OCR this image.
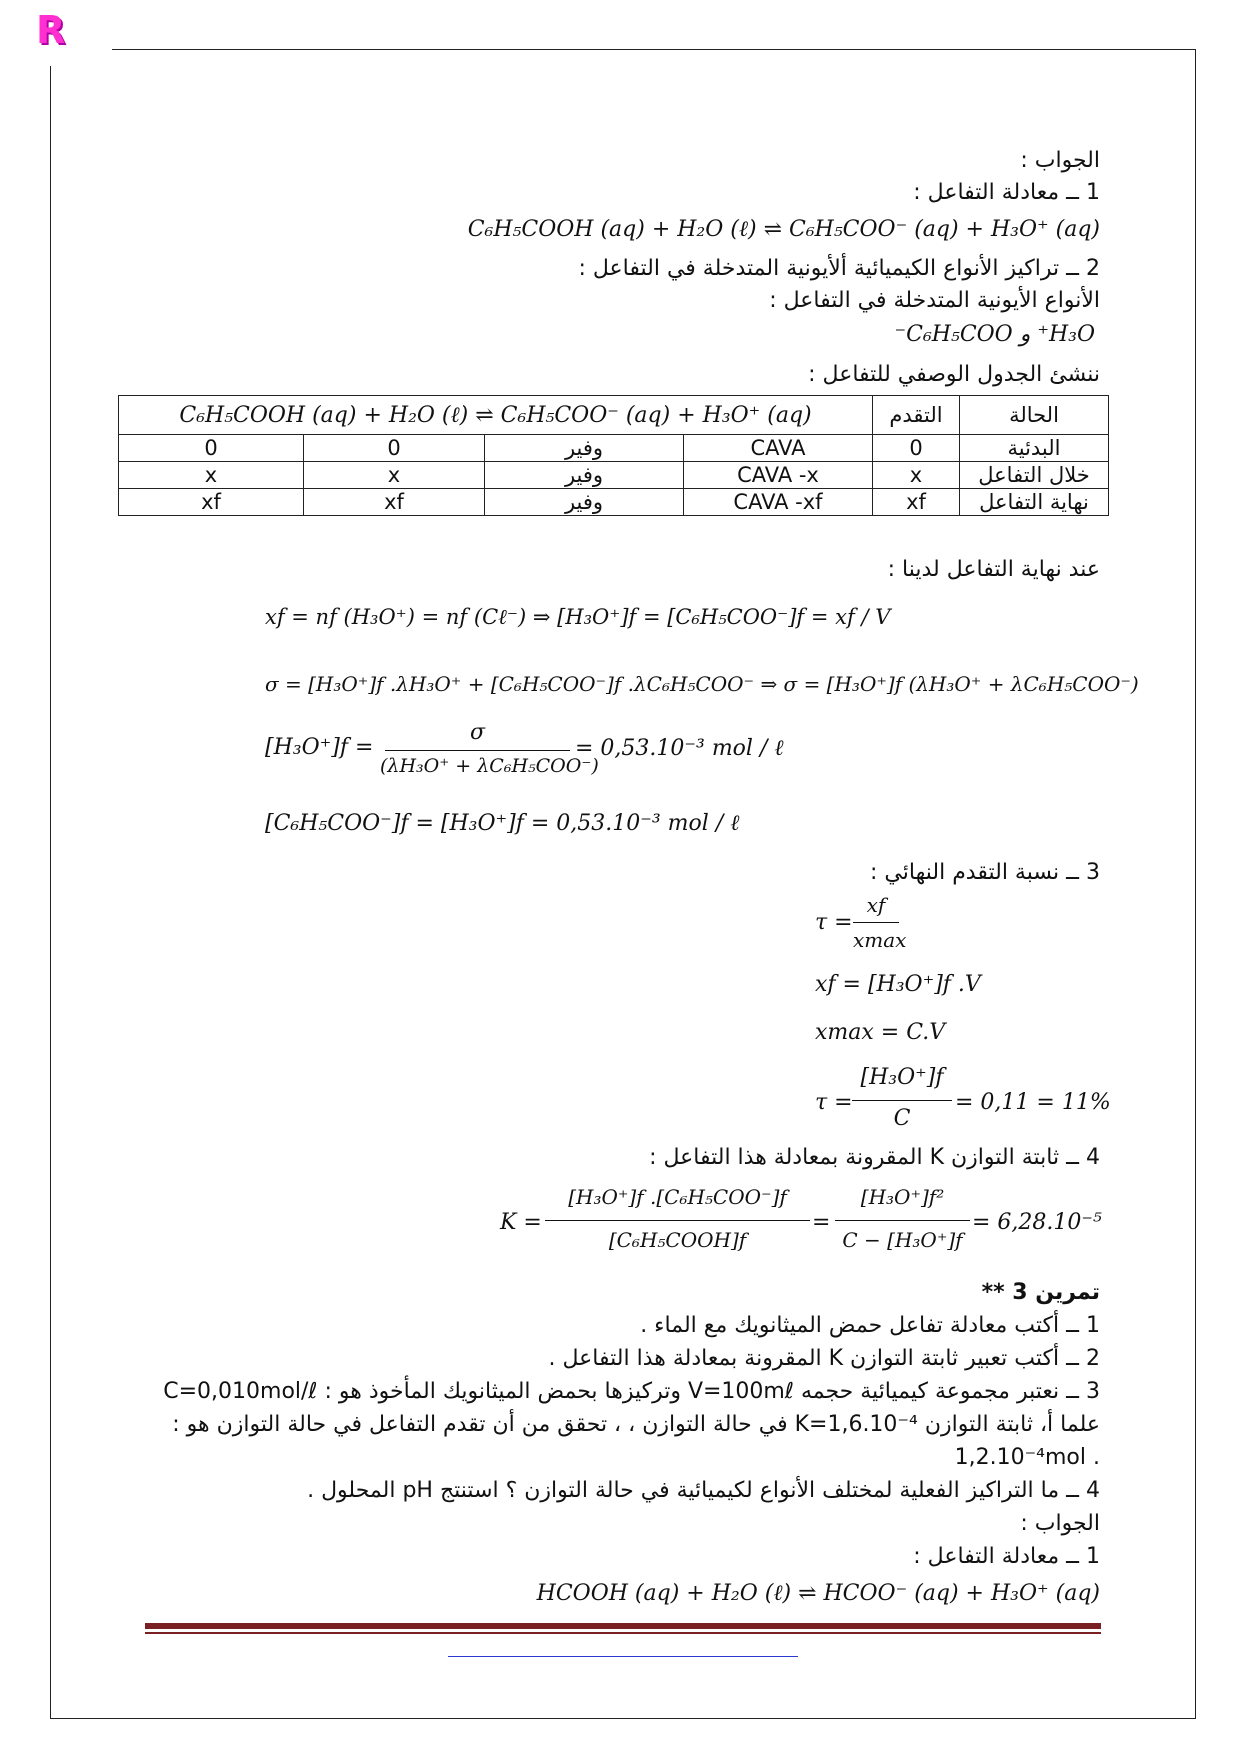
R
الجواب :
1 ــ معادلة التفاعل :
C₆H₅COOH (aq) + H₂O (ℓ) ⇌ C₆H₅COO⁻ (aq) + H₃O⁺ (aq)
2 ــ تراكيز الأنواع الكيميائية ألأيونية المتدخلة في التفاعل :
الأنواع الأيونية المتدخلة في التفاعل :
H₃O⁺ و C₆H₅COO⁻
ننشئ الجدول الوصفي للتفاعل :
الحالة	التقدم	C₆H₅COOH (aq) + H₂O (ℓ) ⇌ C₆H₅COO⁻ (aq) + H₃O⁺ (aq)			
البدئية	0	CAVA	وفير	0	0
خلال التفاعل	x	CAVA -x	وفير	x	x
نهاية التفاعل	xf	CAVA -xf	وفير	xf	xf
عند نهاية التفاعل لدينا :
xf = nf (H₃O⁺) = nf (Cℓ⁻) ⇒ [H₃O⁺]f = [C₆H₅COO⁻]f = xf / V
σ = [H₃O⁺]f .λH₃O⁺ + [C₆H₅COO⁻]f .λC₆H₅COO⁻ ⇒ σ = [H₃O⁺]f (λH₃O⁺ + λC₆H₅COO⁻)
[H₃O⁺]f =
σ
(λH₃O⁺ + λC₆H₅COO⁻)
= 0,53.10⁻³ mol / ℓ
[C₆H₅COO⁻]f = [H₃O⁺]f = 0,53.10⁻³ mol / ℓ
3 ــ نسبة التقدم النهائي :
τ =
xf
xmax
xf = [H₃O⁺]f .V
xmax = C.V
τ =
[H₃O⁺]f
C
= 0,11 = 11%
4 ــ ثابتة التوازن K المقرونة بمعادلة هذا التفاعل :
K =
[H₃O⁺]f .[C₆H₅COO⁻]f
[C₆H₅COOH]f
=
[H₃O⁺]f²
C − [H₃O⁺]f
= 6,28.10⁻⁵
تمرين 3 **
1 ــ أكتب معادلة تفاعل حمض الميثانويك مع الماء .
2 ــ أكتب تعبير ثابتة التوازن K المقرونة بمعادلة هذا التفاعل .
3 ــ نعتبر مجموعة كيميائية حجمه V=100mℓ وتركيزها بحمض الميثانويك المأخوذ هو : C=0,010mol/ℓ
علما أ، ثابتة التوازن K=1,6.10⁻⁴ في حالة التوازن ، ، تحقق من أن تقدم التفاعل في حالة التوازن هو :
1,2.10⁻⁴mol .
4 ــ ما التراكيز الفعلية لمختلف الأنواع لكيميائية في حالة التوازن ؟ استنتج pH المحلول .
الجواب :
1 ــ معادلة التفاعل :
HCOOH (aq) + H₂O (ℓ) ⇌ HCOO⁻ (aq) + H₃O⁺ (aq)
